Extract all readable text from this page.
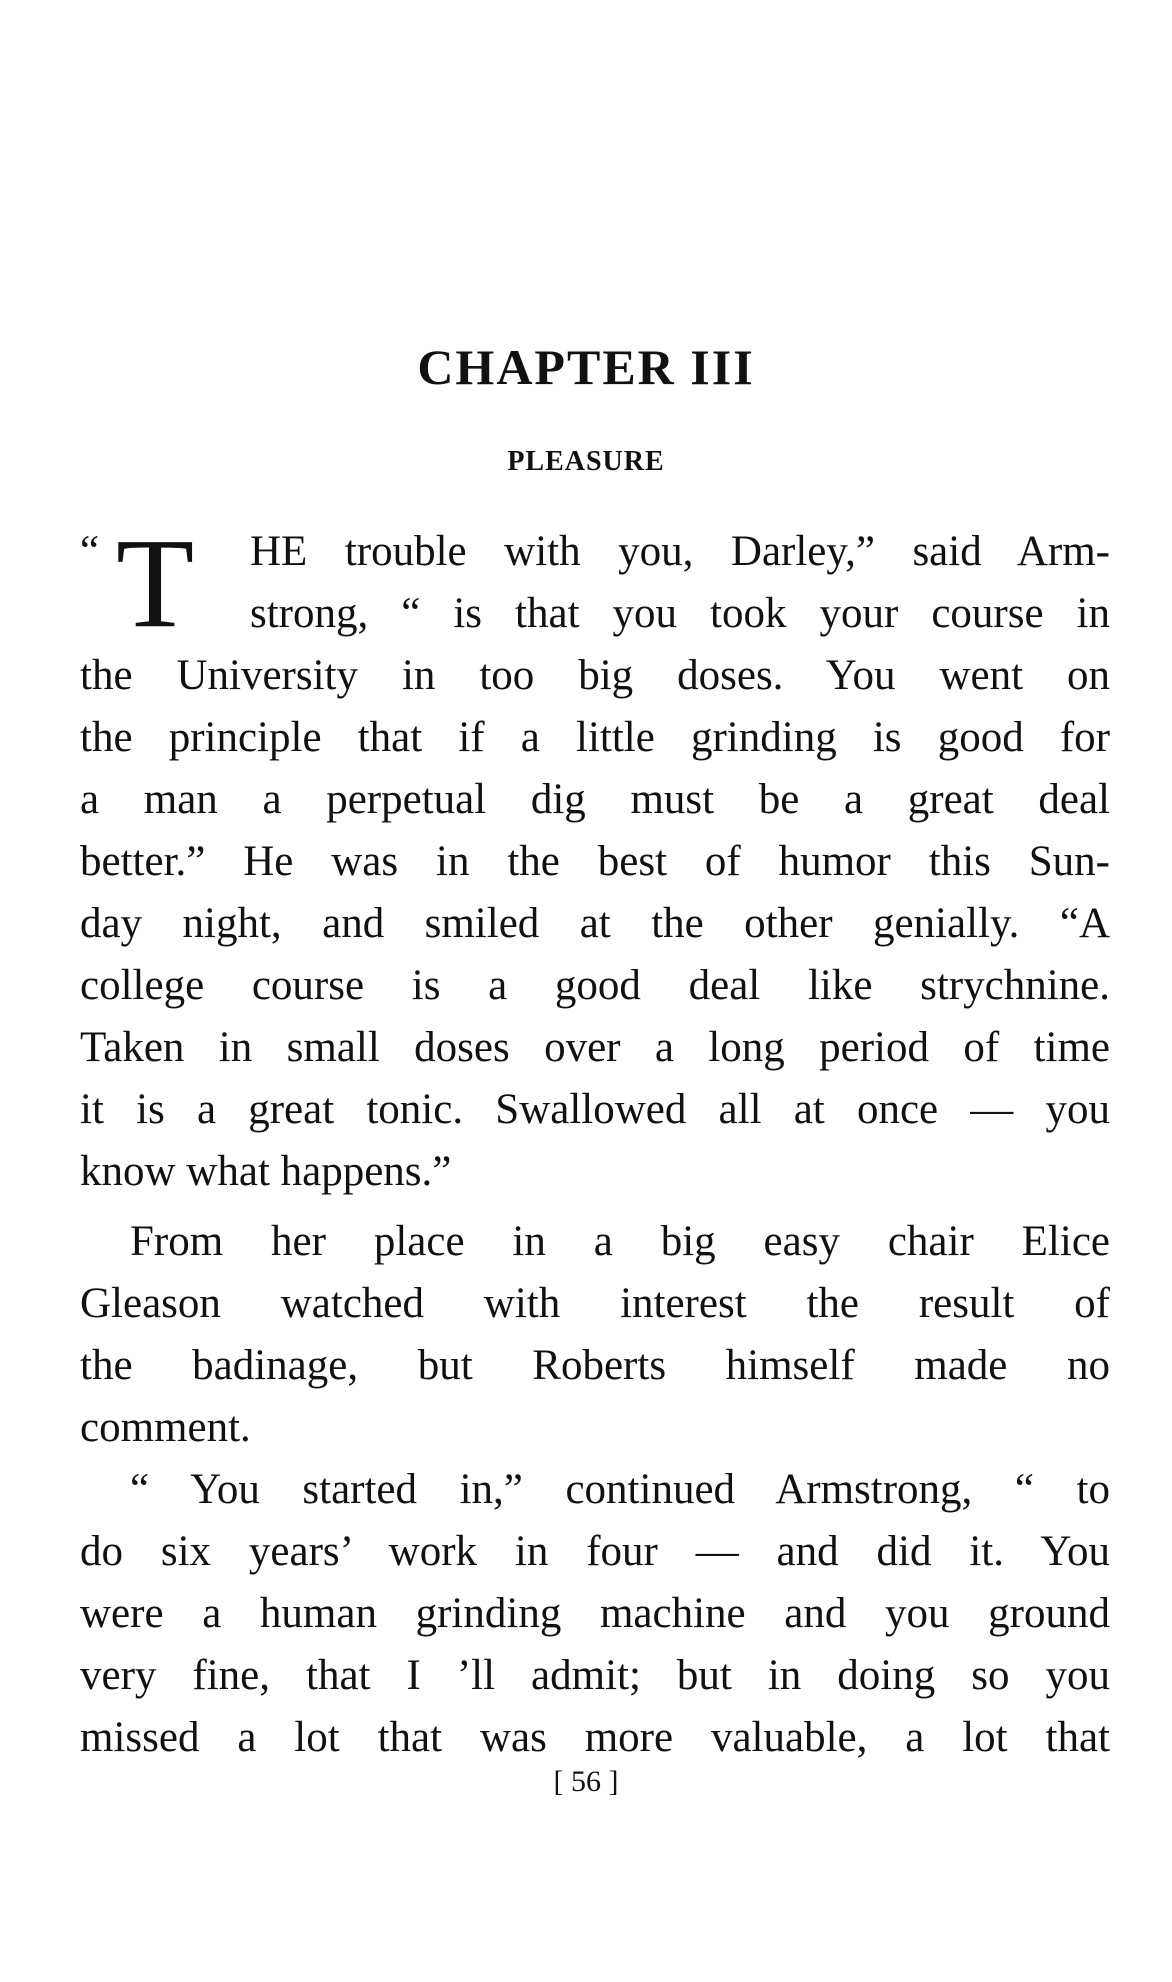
CHAPTER III
PLEASURE
“ T	HE trouble with you, Darley,” said Arm-
strong, “ is that you took your course in
the University in too big doses. You went on
the principle that if a little grinding is good for
a man a perpetual dig must be a great deal
better.” He was in the best of humor this Sun-
day night, and smiled at the other genially. “A
college course is a good deal like strychnine.
Taken in small doses over a long period of time
it is a great tonic. Swallowed all at once — you
know what happens.”
From her place in a big easy chair Elice
Gleason watched with interest the result of
the badinage, but Roberts himself made no
comment.
“ You started in,” continued Armstrong, “ to
do six years’ work in four — and did it. You
were a human grinding machine and you ground
very fine, that I ’ll admit; but in doing so you
missed a lot that was more valuable, a lot that
[ 56 ]
